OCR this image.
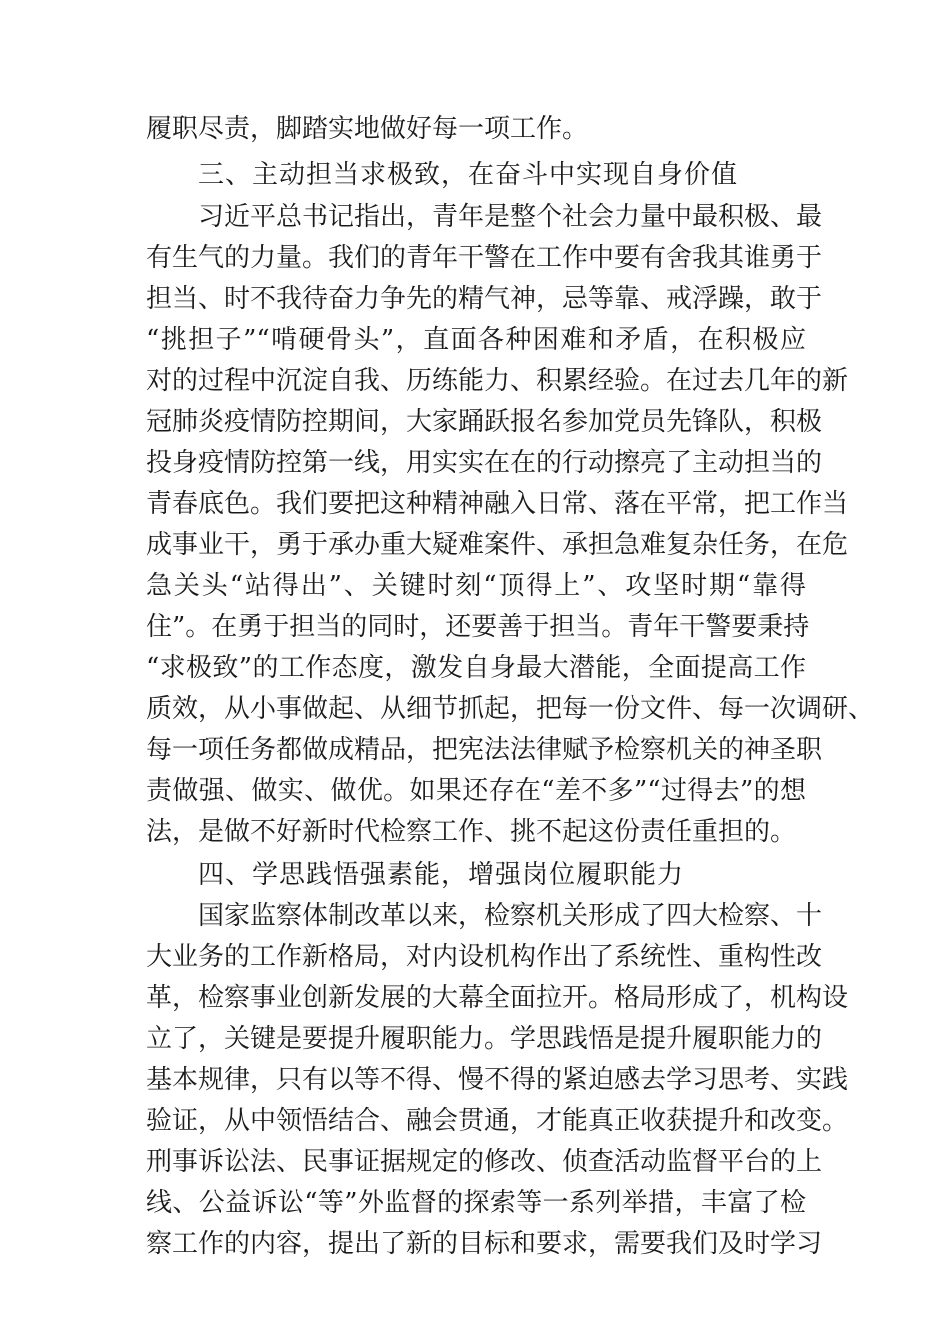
履职尽责，脚踏实地做好每一项工作。
三、主动担当求极致，在奋斗中实现自身价值
习近平总书记指出，青年是整个社会力量中最积极、最
有生气的力量。我们的青年干警在工作中要有舍我其谁勇于
担当、时不我待奋力争先的精气神，忌等靠、戒浮躁，敢于
“挑担子”“啃硬骨头”，直面各种困难和矛盾，在积极应
对的过程中沉淀自我、历练能力、积累经验。在过去几年的新
冠肺炎疫情防控期间，大家踊跃报名参加党员先锋队，积极
投身疫情防控第一线，用实实在在的行动擦亮了主动担当的
青春底色。我们要把这种精神融入日常、落在平常，把工作当
成事业干，勇于承办重大疑难案件、承担急难复杂任务，在危
急关头“站得出”、关键时刻“顶得上”、攻坚时期“靠得
住”。在勇于担当的同时，还要善于担当。青年干警要秉持
“求极致”的工作态度，激发自身最大潜能，全面提高工作
质效，从小事做起、从细节抓起，把每一份文件、每一次调研、
每一项任务都做成精品，把宪法法律赋予检察机关的神圣职
责做强、做实、做优。如果还存在“差不多”“过得去”的想
法，是做不好新时代检察工作、挑不起这份责任重担的。
四、学思践悟强素能，增强岗位履职能力
国家监察体制改革以来，检察机关形成了四大检察、十
大业务的工作新格局，对内设机构作出了系统性、重构性改
革，检察事业创新发展的大幕全面拉开。格局形成了，机构设
立了，关键是要提升履职能力。学思践悟是提升履职能力的
基本规律，只有以等不得、慢不得的紧迫感去学习思考、实践
验证，从中领悟结合、融会贯通，才能真正收获提升和改变。
刑事诉讼法、民事证据规定的修改、侦查活动监督平台的上
线、公益诉讼“等”外监督的探索等一系列举措，丰富了检
察工作的内容，提出了新的目标和要求，需要我们及时学习
